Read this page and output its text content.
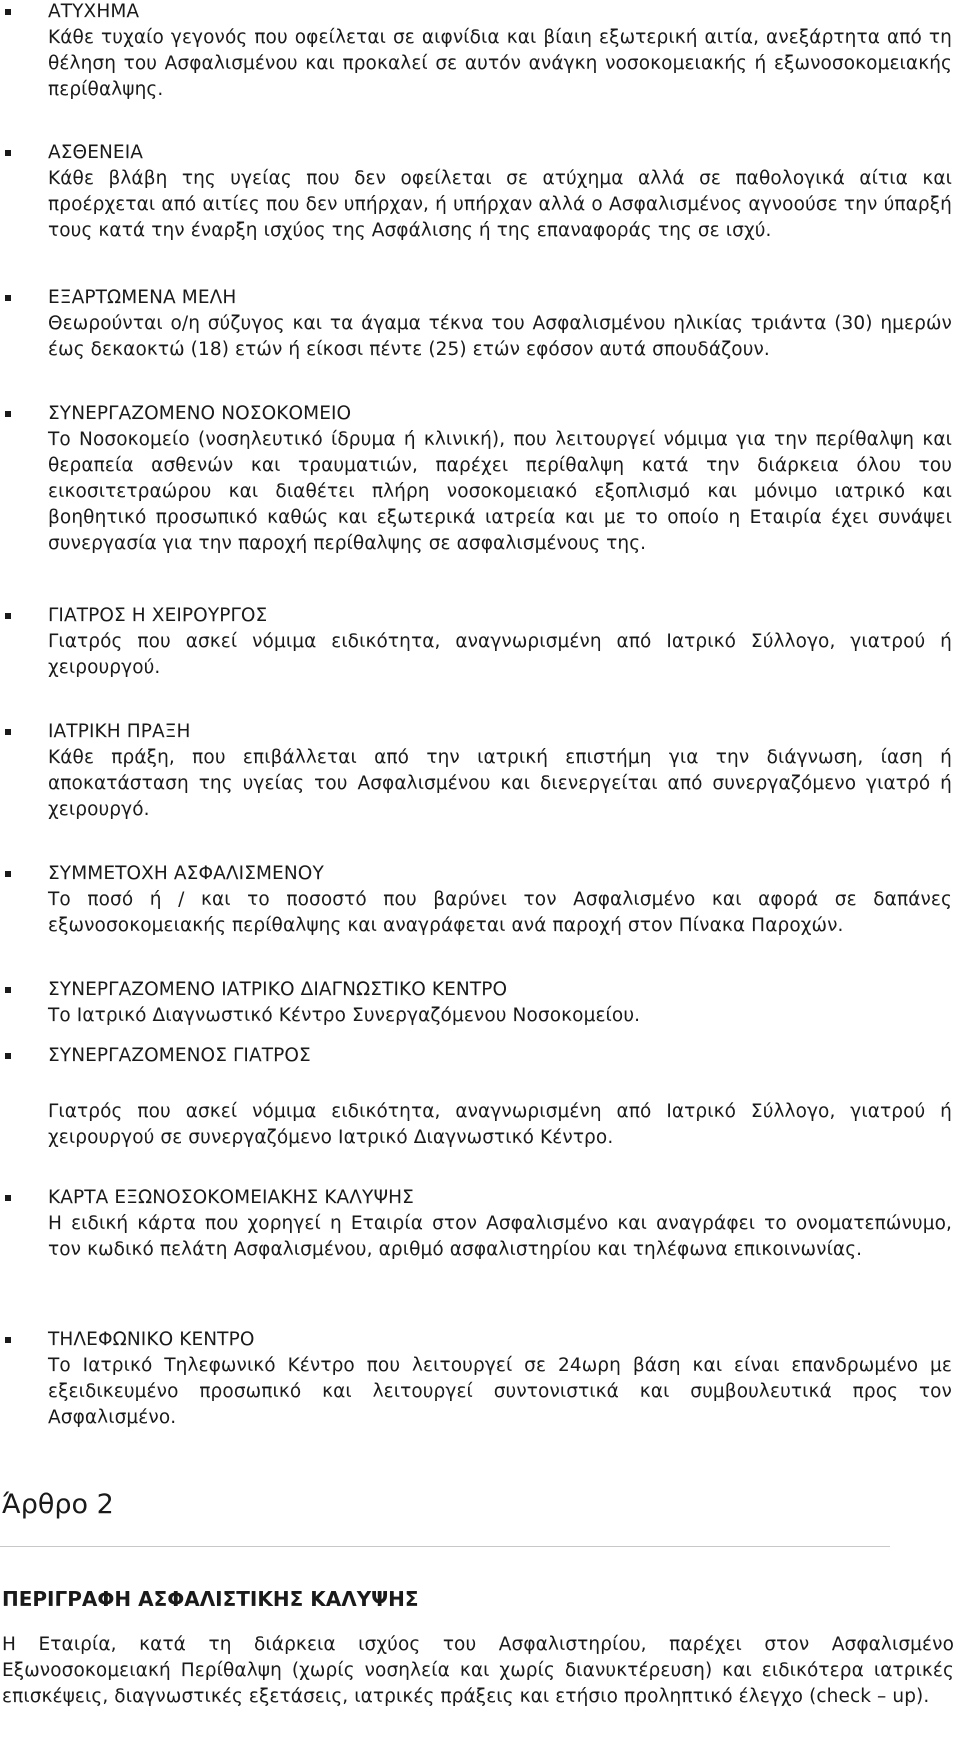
ΑΤΥΧΗΜΑ
Κάθε τυχαίο γεγονός που οφείλεται σε αιφνίδια και βίαιη εξωτερική αιτία, ανεξάρτητα από τη θέληση του Ασφαλισμένου και προκαλεί σε αυτόν ανάγκη νοσοκομειακής ή εξωνοσοκομειακής περίθαλψης.
ΑΣΘΕΝΕΙΑ
Κάθε βλάβη της υγείας που δεν οφείλεται σε ατύχημα αλλά σε παθολογικά αίτια και προέρχεται από αιτίες που δεν υπήρχαν, ή υπήρχαν αλλά ο Ασφαλισμένος αγνοούσε την ύπαρξή τους κατά την έναρξη ισχύος της Ασφάλισης ή της επαναφοράς της σε ισχύ.
ΕΞΑΡΤΩΜΕΝΑ ΜΕΛΗ
Θεωρούνται ο/η σύζυγος και τα άγαμα τέκνα του Ασφαλισμένου ηλικίας τριάντα (30) ημερών έως δεκαοκτώ (18) ετών ή είκοσι πέντε (25) ετών εφόσον αυτά σπουδάζουν.
ΣΥΝΕΡΓΑΖΟΜΕΝΟ ΝΟΣΟΚΟΜΕΙΟ
Το Νοσοκομείο (νοσηλευτικό ίδρυμα ή κλινική), που λειτουργεί νόμιμα για την περίθαλψη και θεραπεία ασθενών και τραυματιών, παρέχει περίθαλψη κατά την διάρκεια όλου του εικοσιτετραώρου και διαθέτει πλήρη νοσοκομειακό εξοπλισμό και μόνιμο ιατρικό και βοηθητικό προσωπικό καθώς και εξωτερικά ιατρεία και με το οποίο η Εταιρία έχει συνάψει συνεργασία για την παροχή περίθαλψης σε ασφαλισμένους της.
ΓΙΑΤΡΟΣ Η ΧΕΙΡΟΥΡΓΟΣ
Γιατρός που ασκεί νόμιμα ειδικότητα, αναγνωρισμένη από Ιατρικό Σύλλογο, γιατρού ή χειρουργού.
ΙΑΤΡΙΚΗ ΠΡΑΞΗ
Κάθε πράξη, που επιβάλλεται από την ιατρική επιστήμη για την διάγνωση, ίαση ή αποκατάσταση της υγείας του Ασφαλισμένου και διενεργείται από συνεργαζόμενο γιατρό ή χειρουργό.
ΣΥΜΜΕΤΟΧΗ ΑΣΦΑΛΙΣΜΕΝΟΥ
Το ποσό ή / και το ποσοστό που βαρύνει τον Ασφαλισμένο και αφορά σε δαπάνες εξωνοσοκομειακής περίθαλψης και αναγράφεται ανά παροχή στον Πίνακα Παροχών.
ΣΥΝΕΡΓΑΖΟΜΕΝΟ ΙΑΤΡΙΚΟ ΔΙΑΓΝΩΣΤΙΚΟ ΚΕΝΤΡΟ
Το Ιατρικό Διαγνωστικό Κέντρο Συνεργαζόμενου Νοσοκομείου.
ΣΥΝΕΡΓΑΖΟΜΕΝΟΣ ΓΙΑΤΡΟΣ
Γιατρός που ασκεί νόμιμα ειδικότητα, αναγνωρισμένη από Ιατρικό Σύλλογο, γιατρού ή χειρουργού σε συνεργαζόμενο Ιατρικό Διαγνωστικό Κέντρο.
ΚΑΡΤΑ ΕΞΩΝΟΣΟΚΟΜΕΙΑΚΗΣ ΚΑΛΥΨΗΣ
Η ειδική κάρτα που χορηγεί η Εταιρία στον Ασφαλισμένο και αναγράφει το ονοματεπώνυμο, τον κωδικό πελάτη Ασφαλισμένου, αριθμό ασφαλιστηρίου και τηλέφωνα επικοινωνίας.
ΤΗΛΕΦΩΝΙΚΟ ΚΕΝΤΡΟ
Το Ιατρικό Τηλεφωνικό Κέντρο που λειτουργεί σε 24ωρη βάση και είναι επανδρωμένο με εξειδικευμένο προσωπικό και λειτουργεί συντονιστικά και συμβουλευτικά προς τον Ασφαλισμένο.
Άρθρο 2
ΠΕΡΙΓΡΑΦΗ ΑΣΦΑΛΙΣΤΙΚΗΣ ΚΑΛΥΨΗΣ
Η Εταιρία, κατά τη διάρκεια ισχύος του Ασφαλιστηρίου, παρέχει στον Ασφαλισμένο Εξωνοσοκομειακή Περίθαλψη (χωρίς νοσηλεία και χωρίς διανυκτέρευση) και ειδικότερα ιατρικές επισκέψεις, διαγνωστικές εξετάσεις, ιατρικές πράξεις και ετήσιο προληπτικό έλεγχο (check – up).
